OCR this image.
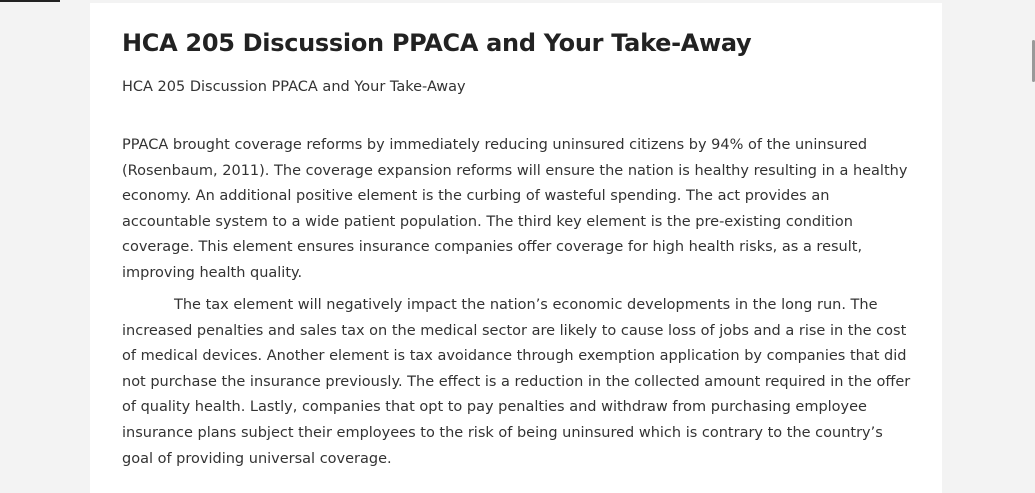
HCA 205 Discussion PPACA and Your Take-Away

HCA 205 Discussion PPACA and Your Take-Away

PPACA brought coverage reforms by immediately reducing uninsured citizens by 94% of the uninsured (Rosenbaum, 2011). The coverage expansion reforms will ensure the nation is healthy resulting in a healthy economy. An additional positive element is the curbing of wasteful spending. The act provides an accountable system to a wide patient population. The third key element is the pre-existing condition coverage. This element ensures insurance companies offer coverage for high health risks, as a result, improving health quality.

The tax element will negatively impact the nation’s economic developments in the long run. The increased penalties and sales tax on the medical sector are likely to cause loss of jobs and a rise in the cost of medical devices. Another element is tax avoidance through exemption application by companies that did not purchase the insurance previously. The effect is a reduction in the collected amount required in the offer of quality health. Lastly, companies that opt to pay penalties and withdraw from purchasing employee insurance plans subject their employees to the risk of being uninsured which is contrary to the country’s goal of providing universal coverage.
